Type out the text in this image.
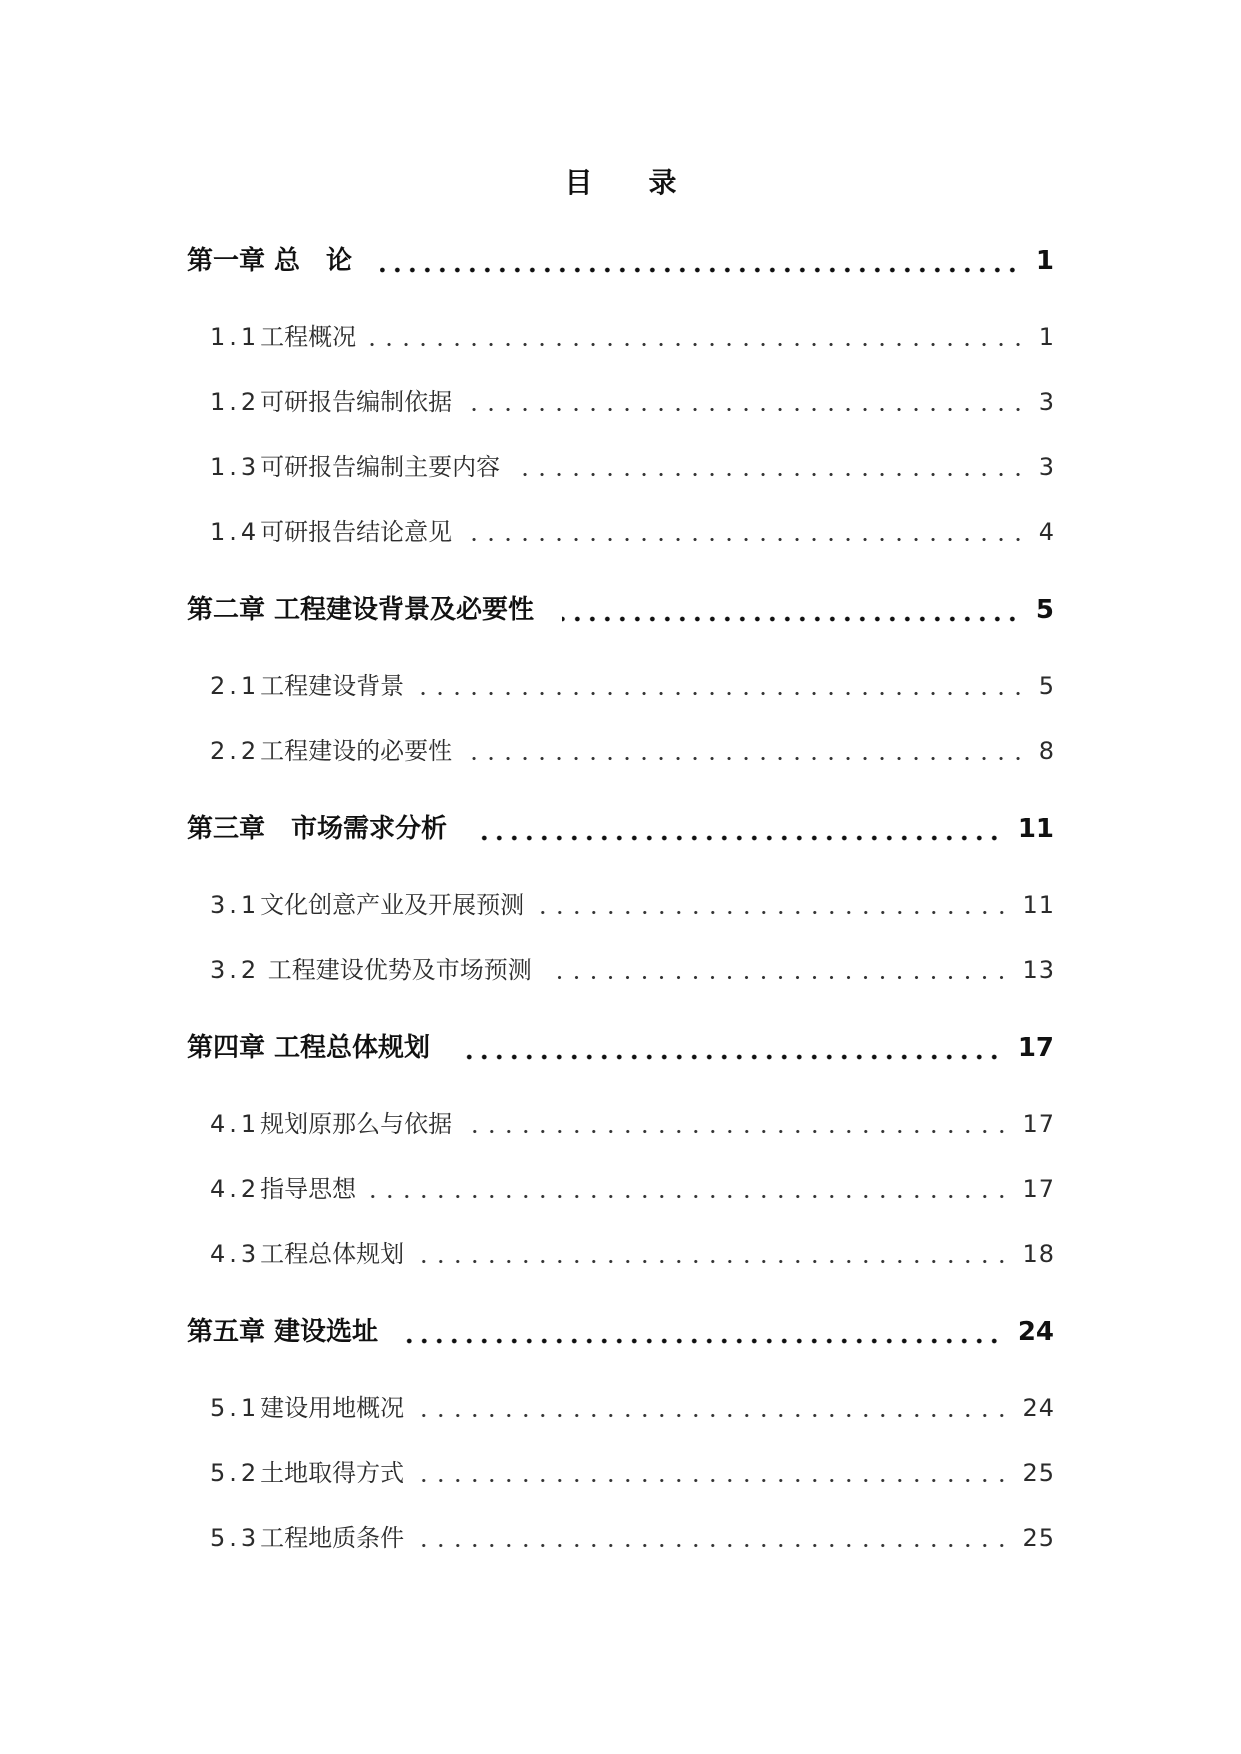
目　　录
第一章 总　论	1
1.1 工程概况	1
1.2 可研报告编制依据	3
1.3 可研报告编制主要内容	3
1.4 可研报告结论意见	4
第二章 工程建设背景及必要性	5
2.1 工程建设背景	5
2.2 工程建设的必要性	8
第三章　市场需求分析	11
3.1 文化创意产业及开展预测	11
3.2 工程建设优势及市场预测	13
第四章 工程总体规划	17
4.1 规划原那么与依据	17
4.2 指导思想	17
4.3 工程总体规划	18
第五章 建设选址	24
5.1 建设用地概况	24
5.2 土地取得方式	25
5.3 工程地质条件	25
